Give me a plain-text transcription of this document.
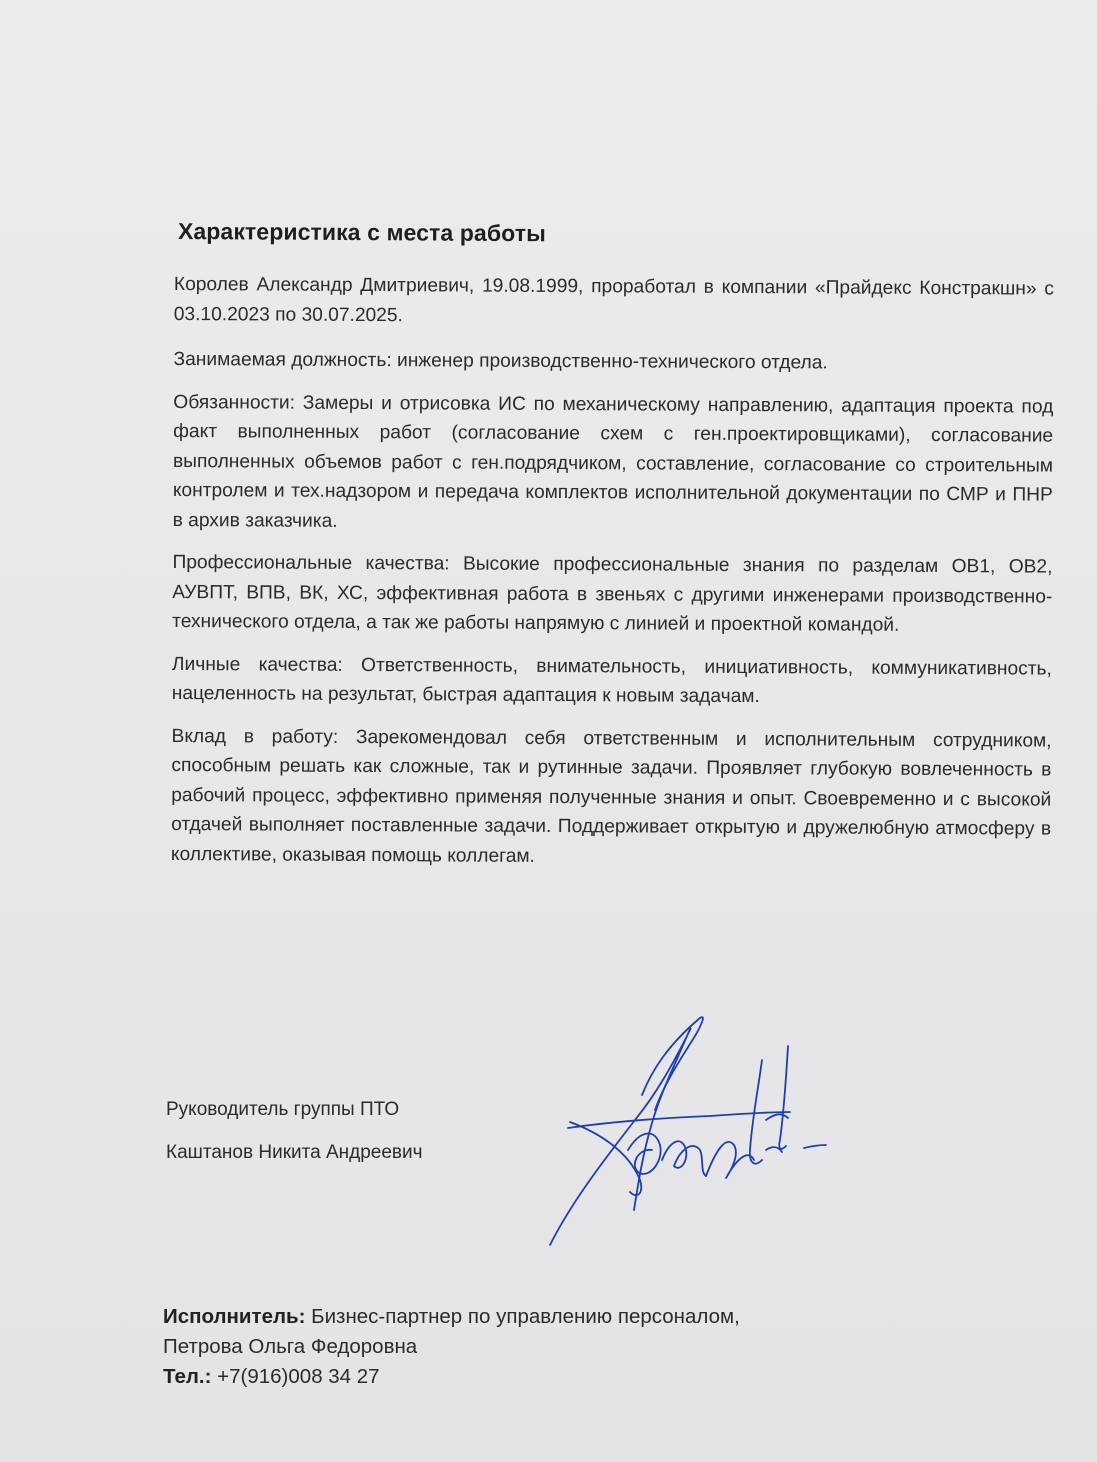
Характеристика с места работы

Королев Александр Дмитриевич, 19.08.1999, проработал в компании «Прайдекс Констракшн» с 03.10.2023 по 30.07.2025.

Занимаемая должность: инженер производственно-технического отдела.

Обязанности: Замеры и отрисовка ИС по механическому направлению, адаптация проекта под факт выполненных работ (согласование схем с ген.проектировщиками), согласование выполненных объемов работ с ген.подрядчиком, составление, согласование со строительным контролем и тех.надзором и передача комплектов исполнительной документации по СМР и ПНР в архив заказчика.

Профессиональные качества: Высокие профессиональные знания по разделам ОВ1, ОВ2, АУВПТ, ВПВ, ВК, ХС, эффективная работа в звеньях с другими инженерами производственно-технического отдела, а так же работы напрямую с линией и проектной командой.

Личные качества: Ответственность, внимательность, инициативность, коммуникативность, нацеленность на результат, быстрая адаптация к новым задачам.

Вклад в работу: Зарекомендовал себя ответственным и исполнительным сотрудником, способным решать как сложные, так и рутинные задачи. Проявляет глубокую вовлеченность в рабочий процесс, эффективно применяя полученные знания и опыт. Своевременно и с высокой отдачей выполняет поставленные задачи. Поддерживает открытую и дружелюбную атмосферу в коллективе, оказывая помощь коллегам.

Руководитель группы ПТО
Каштанов Никита Андреевич
Исполнитель: Бизнес-партнер по управлению персоналом,
Петрова Ольга Федоровна
Тел.: +7(916)008 34 27
